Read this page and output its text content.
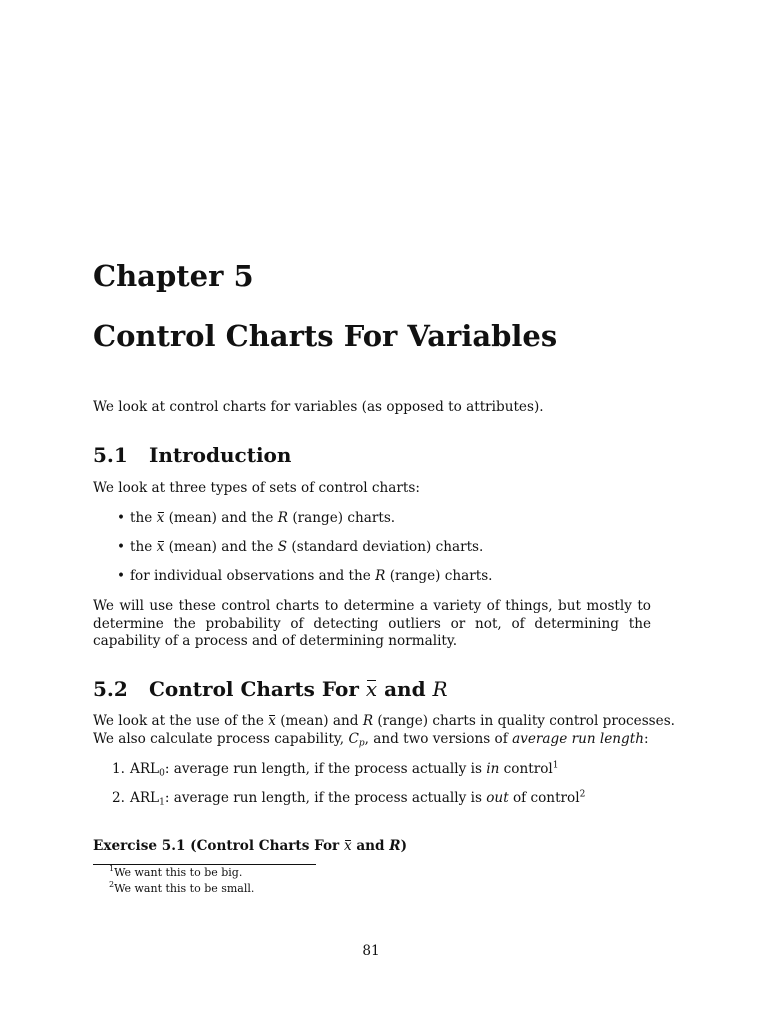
Chapter 5
Control Charts For Variables

We look at control charts for variables (as opposed to attributes).

5.1 Introduction

We look at three types of sets of control charts:

• the x (mean) and the R (range) charts.
• the x (mean) and the S (standard deviation) charts.
• for individual observations and the R (range) charts.

We will use these control charts to determine a variety of things, but mostly to determine the probability of detecting outliers or not, of determining the capability of a process and of determining normality.

5.2 Control Charts For x and R

We look at the use of the x (mean) and R (range) charts in quality control processes.

We also calculate process capability, $C_p$, and two versions of average run length:

1. $ARL_0$: average run length, if the process actually is in control$^1$
2. $ARL_1$: average run length, if the process actually is out of control$^2$

Exercise 5.1 (Control Charts For x and R)

$^1$We want this to be big.
$^2$We want this to be small.
81
